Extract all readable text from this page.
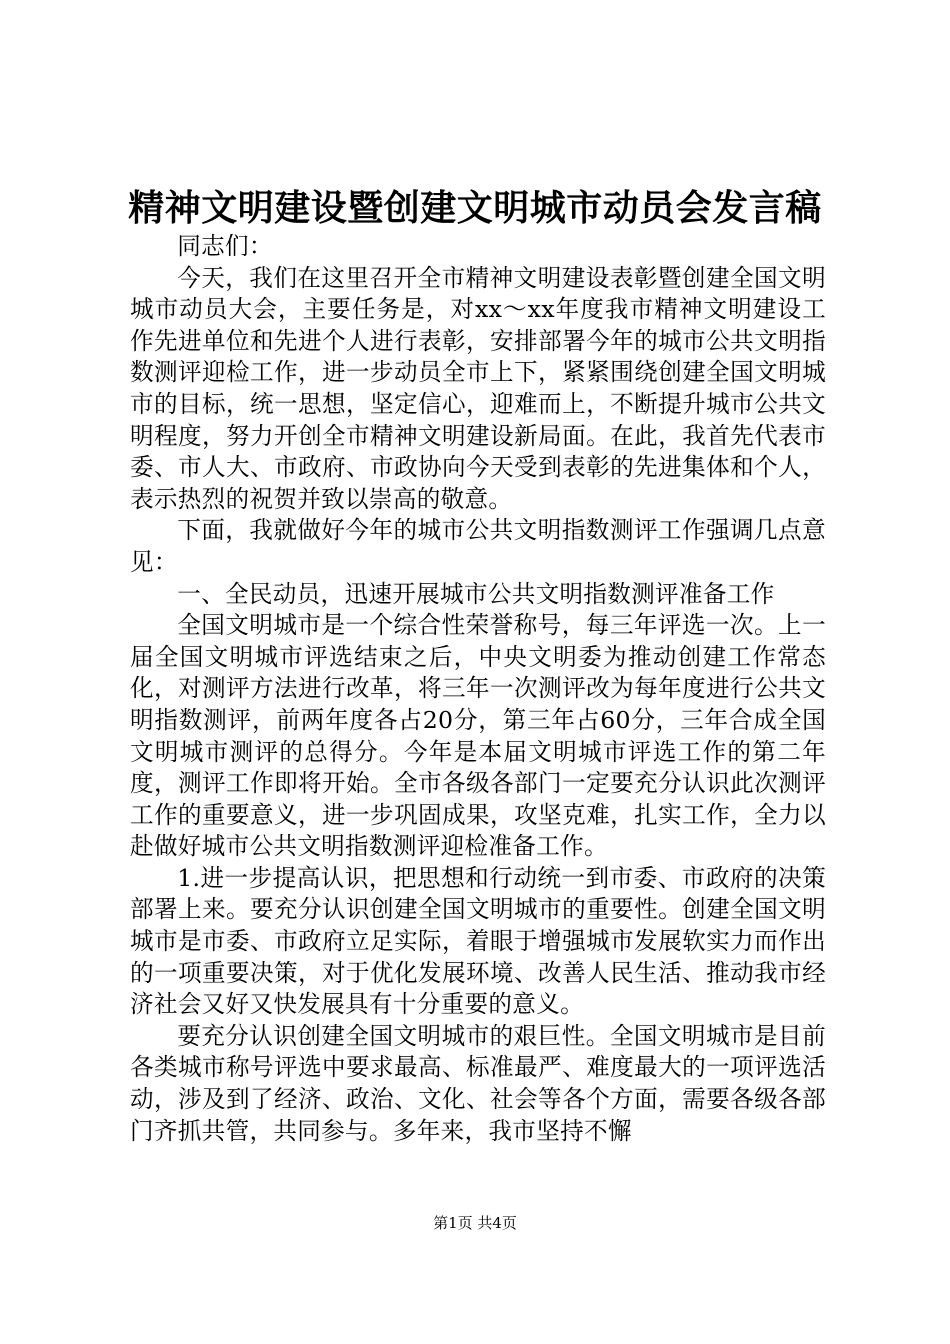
精神文明建设暨创建文明城市动员会发言稿

同志们：

今天，我们在这里召开全市精神文明建设表彰暨创建全国文明城市动员大会，主要任务是，对xx～xx年度我市精神文明建设工作先进单位和先进个人进行表彰，安排部署今年的城市公共文明指数测评迎检工作，进一步动员全市上下，紧紧围绕创建全国文明城市的目标，统一思想，坚定信心，迎难而上，不断提升城市公共文明程度，努力开创全市精神文明建设新局面。在此，我首先代表市委、市人大、市政府、市政协向今天受到表彰的先进集体和个人，表示热烈的祝贺并致以崇高的敬意。

下面，我就做好今年的城市公共文明指数测评工作强调几点意见：

一、全民动员，迅速开展城市公共文明指数测评准备工作

全国文明城市是一个综合性荣誉称号，每三年评选一次。上一届全国文明城市评选结束之后，中央文明委为推动创建工作常态化，对测评方法进行改革，将三年一次测评改为每年度进行公共文明指数测评，前两年度各占20分，第三年占60分，三年合成全国文明城市测评的总得分。今年是本届文明城市评选工作的第二年度，测评工作即将开始。全市各级各部门一定要充分认识此次测评工作的重要意义，进一步巩固成果，攻坚克难，扎实工作，全力以赴做好城市公共文明指数测评迎检准备工作。

1.进一步提高认识，把思想和行动统一到市委、市政府的决策部署上来。要充分认识创建全国文明城市的重要性。创建全国文明城市是市委、市政府立足实际，着眼于增强城市发展软实力而作出的一项重要决策，对于优化发展环境、改善人民生活、推动我市经济社会又好又快发展具有十分重要的意义。

要充分认识创建全国文明城市的艰巨性。全国文明城市是目前各类城市称号评选中要求最高、标准最严、难度最大的一项评选活动，涉及到了经济、政治、文化、社会等各个方面，需要各级各部门齐抓共管，共同参与。多年来，我市坚持不懈

第1页 共4页
